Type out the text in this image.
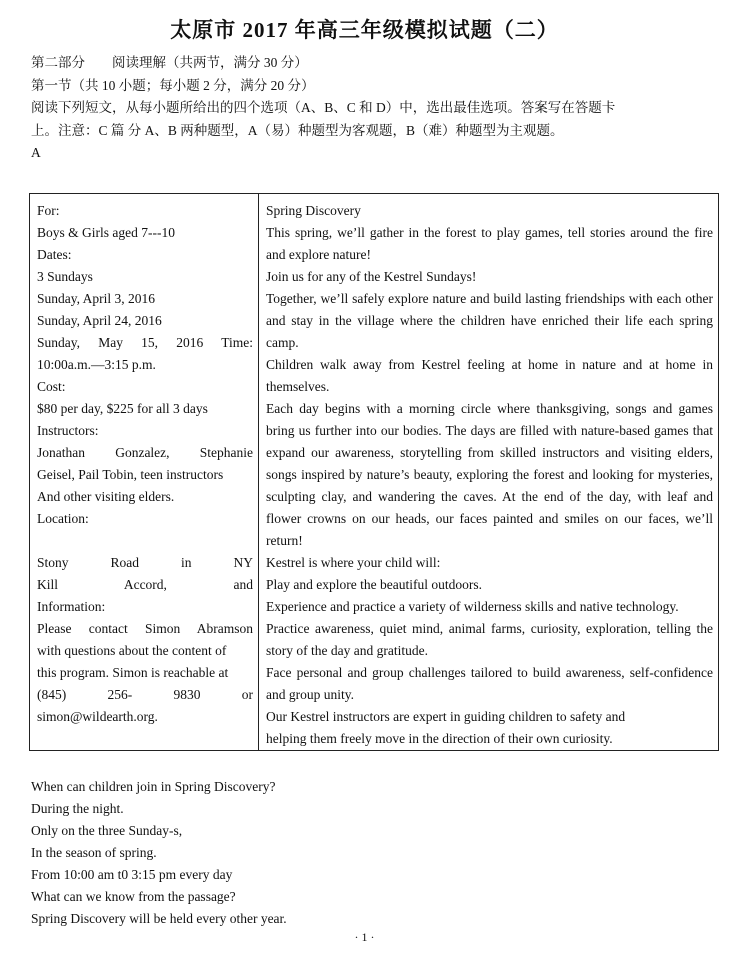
太原市 2017 年高三年级模拟试题（二）
第二部分　　阅读理解（共两节，满分 30 分）
第一节（共 10 小题；每小题 2 分，满分 20 分）
阅读下列短文，从每小题所给出的四个选项（A、B、C 和 D）中，选出最佳选项。答案写在答题卡
上。注意：C 篇 分 A、B 两种题型，A（易）种题型为客观题，B（难）种题型为主观题。
A
For:
Boys & Girls aged 7---10
Dates:
3 Sundays
Sunday, April 3, 2016
Sunday, April 24, 2016
Sunday, May 15, 2016 Time:
10:00a.m.—3:15 p.m.
Cost:
$80 per day, $225 for all 3 days
Instructors:
Jonathan Gonzalez, Stephanie
Geisel, Pail Tobin, teen instructors
And other visiting elders.
Location:
Stony Road in NY
Kill Accord, and
Information:
Please contact Simon Abramson
with questions about the content of
this program. Simon is reachable at
(845) 256- 9830 or
simon@wildearth.org.

Spring Discovery
This spring, we’ll gather in the forest to play games, tell stories around the fire and explore nature!
Join us for any of the Kestrel Sundays!
Together, we’ll safely explore nature and build lasting friendships with each other and stay in the village where the children have enriched their life each spring camp.
Children walk away from Kestrel feeling at home in nature and at home in themselves.
Each day begins with a morning circle where thanksgiving, songs and games bring us further into our bodies. The days are filled with nature-based games that expand our awareness, storytelling from skilled instructors and visiting elders, songs inspired by nature’s beauty, exploring the forest and looking for mysteries, sculpting clay, and wandering the caves. At the end of the day, with leaf and flower crowns on our heads, our faces painted and smiles on our faces, we’ll return!
Kestrel is where your child will:
Play and explore the beautiful outdoors.
Experience and practice a variety of wilderness skills and native technology.
Practice awareness, quiet mind, animal farms, curiosity, exploration, telling the story of the day and gratitude.
Face personal and group challenges tailored to build awareness, self-confidence and group unity.
Our Kestrel instructors are expert in guiding children to safety and
helping them freely move in the direction of their own curiosity.
When can children join in Spring Discovery?
During the night.
Only on the three Sunday-s,
In the season of spring.
From 10:00 am t0 3:15 pm every day
What can we know from the passage?
Spring Discovery will be held every other year.
· 1 ·
